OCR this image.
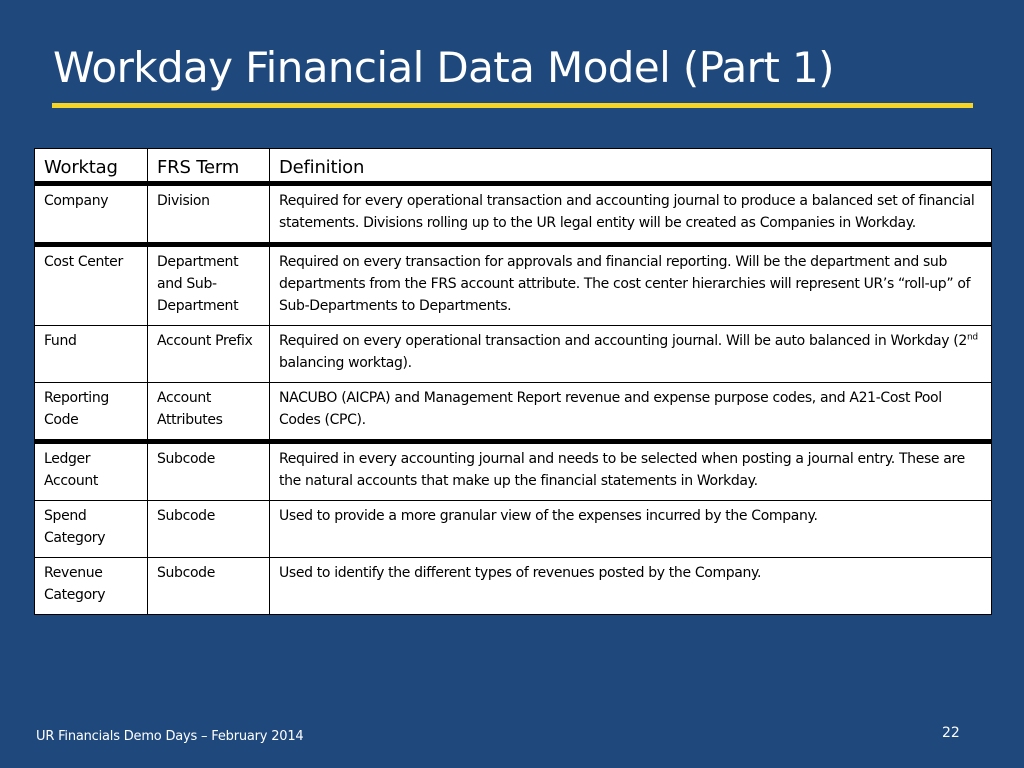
Workday Financial Data Model (Part 1)
Worktag	FRS Term	Definition
Company	Division	Required for every operational transaction and accounting journal to produce a balanced set of financial statements. Divisions rolling up to the UR legal entity will be created as Companies in Workday.
Cost Center	Department and Sub-Department	Required on every transaction for approvals and financial reporting. Will be the department and sub departments from the FRS account attribute. The cost center hierarchies will represent UR’s “roll-up” of Sub-Departments to Departments.
Fund	Account Prefix	Required on every operational transaction and accounting journal. Will be auto balanced in Workday (2nd balancing worktag).
Reporting Code	Account Attributes	NACUBO (AICPA) and Management Report revenue and expense purpose codes, and A21-Cost Pool Codes (CPC).
Ledger Account	Subcode	Required in every accounting journal and needs to be selected when posting a journal entry. These are the natural accounts that make up the financial statements in Workday.
Spend Category	Subcode	Used to provide a more granular view of the expenses incurred by the Company.
Revenue Category	Subcode	Used to identify the different types of revenues posted by the Company.
UR Financials Demo Days – February 2014	22
